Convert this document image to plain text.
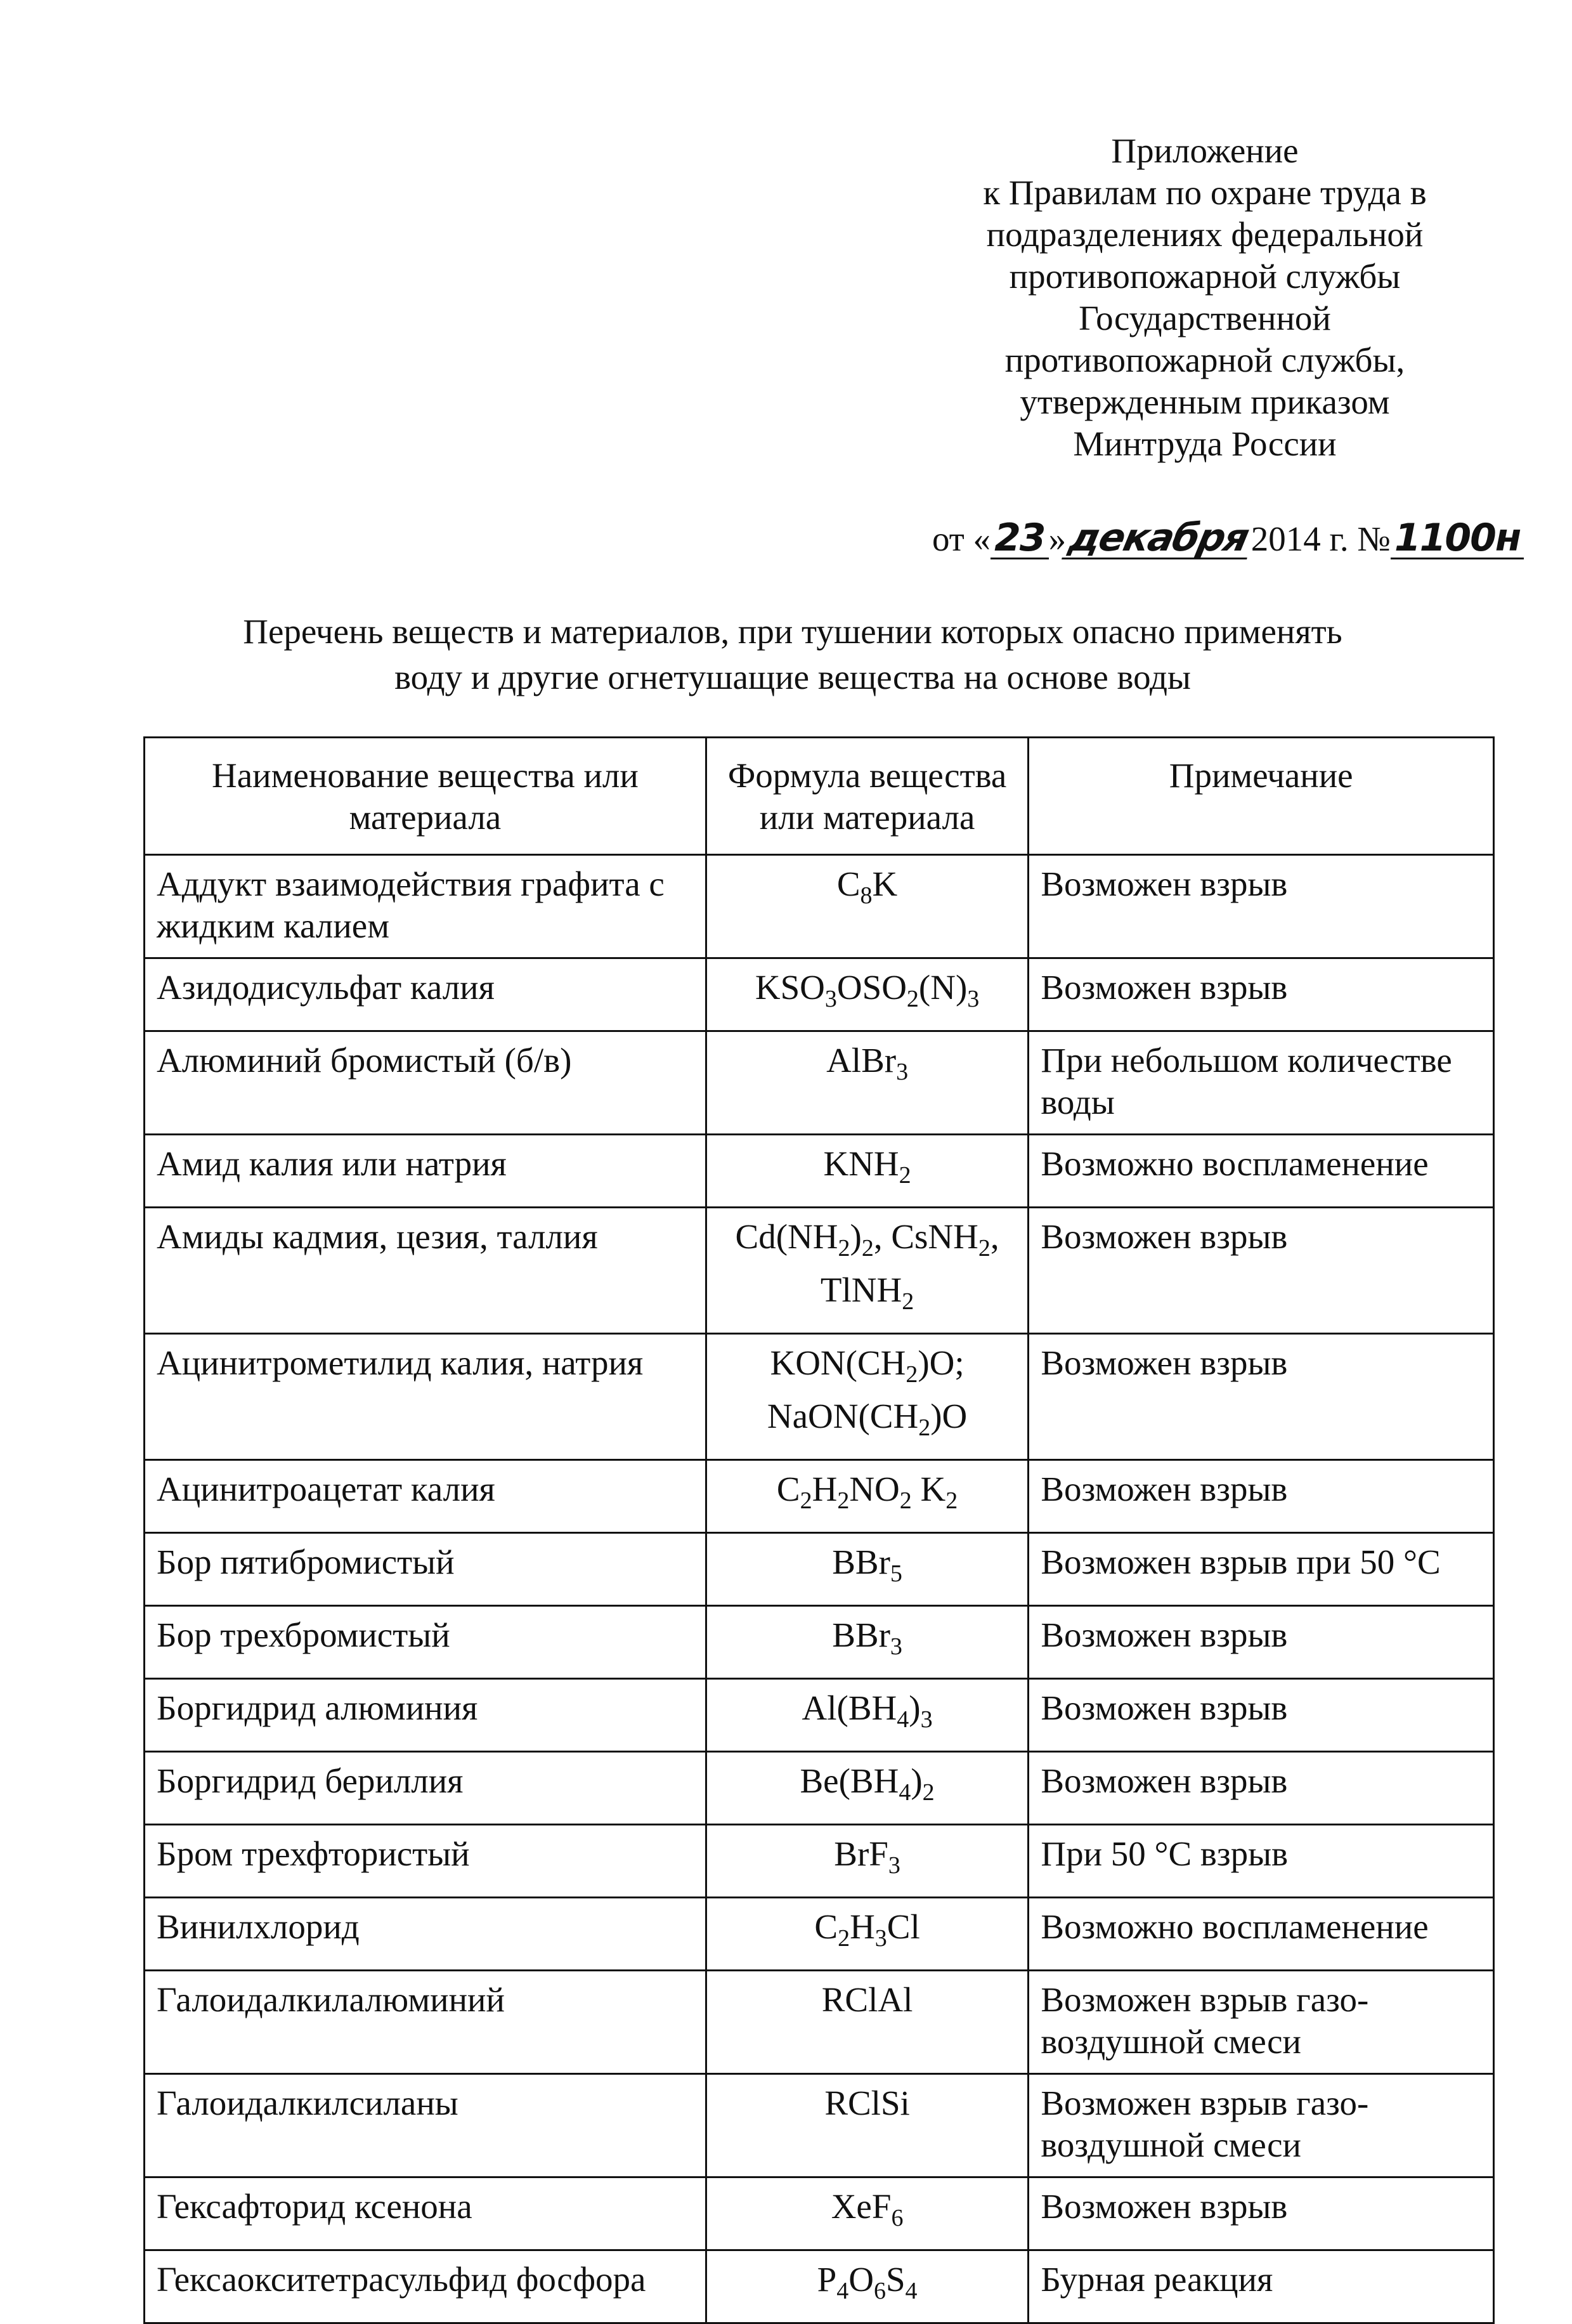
Приложение
к Правилам по охране труда в
подразделениях федеральной
противопожарной службы
Государственной
противопожарной службы,
утвержденным приказом
Минтруда России
от « 23 »декабря2014 г. № 1100н
Перечень веществ и материалов, при тушении которых опасно применять
воду и другие огнетушащие вещества на основе воды
Наименование вещества или материала	Формула вещества или материала	Примечание
Аддукт взаимодействия графита с жидким калием	$C_8K$	Возможен взрыв
Азидодисульфат калия	$KSO_3OSO_2(N)_3$	Возможен взрыв
Алюминий бромистый (б/в)	AlBr$_3$	При небольшом количестве воды
Амид калия или натрия	$KNH_2$	Возможно воспламенение
Амиды кадмия, цезия, таллия	$Cd(NH_2)_2$, CsNH$_2$, TlNH$_2$	Возможен взрыв
Ацинитрометилид калия, натрия	$KON(CH_2)O$; $NaON(CH_2)O$	Возможен взрыв
Ацинитроацетат калия	$C_2H_2NO_2$ $K_2$	Возможен взрыв
Бор пятибромистый	BBr$_5$	Возможен взрыв при 50 °С
Бор трехбромистый	BBr$_3$	Возможен взрыв
Боргидрид алюминия	$Al(BH_4)_3$	Возможен взрыв
Боргидрид бериллия	$Be(BH_4)_2$	Возможен взрыв
Бром трехфтористый	BrF$_3$	При 50 °С взрыв
Винилхлорид	$C_2H_3Cl$	Возможно воспламенение
Галоидалкилалюминий	RClAl	Возможен взрыв газо-воздушной смеси
Галоидалкилсиланы	RClSi	Возможен взрыв газо-воздушной смеси
Гексафторид ксенона	XeF$_6$	Возможен взрыв
Гексаокситетрасульфид фосфора	$P_4O_6S_4$	Бурная реакция
